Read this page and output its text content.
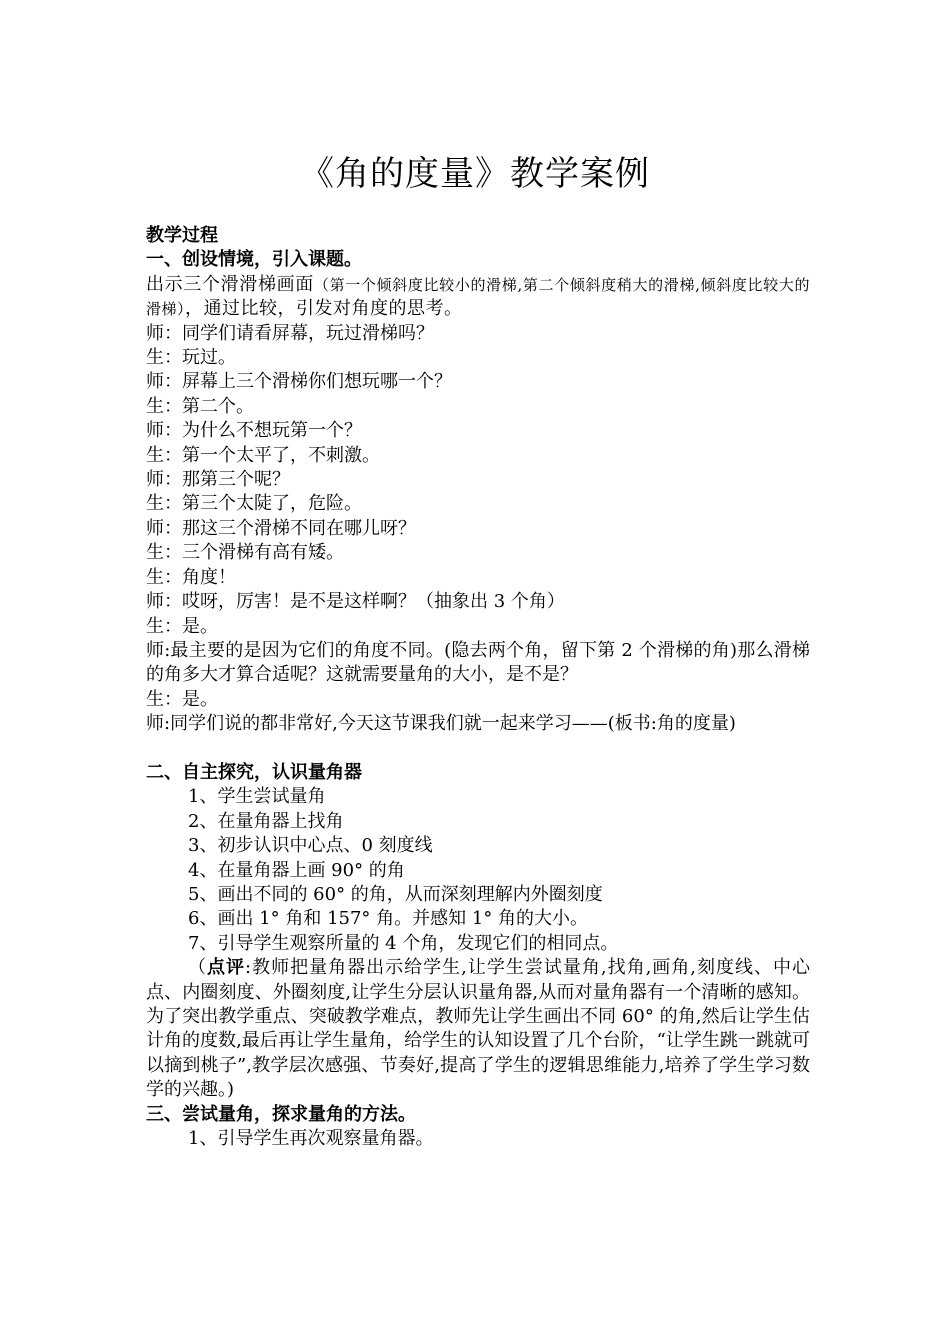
《角的度量》教学案例
教学过程
一、创设情境，引入课题。
出示三个滑滑梯画面（第一个倾斜度比较小的滑梯,第二个倾斜度稍大的滑梯,倾斜度比较大的滑梯），通过比较，引发对角度的思考。
师：同学们请看屏幕，玩过滑梯吗？
生：玩过。
师：屏幕上三个滑梯你们想玩哪一个？
生：第二个。
师：为什么不想玩第一个？
生：第一个太平了，不刺激。
师：那第三个呢？
生：第三个太陡了，危险。
师：那这三个滑梯不同在哪儿呀？
生：三个滑梯有高有矮。
生：角度！
师：哎呀，厉害！是不是这样啊？（抽象出 3 个角）
生：是。
师:最主要的是因为它们的角度不同。(隐去两个角，留下第 2 个滑梯的角)那么滑梯的角多大才算合适呢？这就需要量角的大小，是不是？
生：是。
师:同学们说的都非常好,今天这节课我们就一起来学习——(板书:角的度量)
二、自主探究，认识量角器
1、学生尝试量角
2、在量角器上找角
3、初步认识中心点、0 刻度线
4、在量角器上画 90° 的角
5、画出不同的 60° 的角，从而深刻理解内外圈刻度
6、画出 1° 角和 157° 角。并感知 1° 角的大小。
7、引导学生观察所量的 4 个角，发现它们的相同点。
（点评:教师把量角器出示给学生,让学生尝试量角,找角,画角,刻度线、中心点、内圈刻度、外圈刻度,让学生分层认识量角器,从而对量角器有一个清晰的感知。为了突出教学重点、突破教学难点，教师先让学生画出不同 60° 的角,然后让学生估计角的度数,最后再让学生量角，给学生的认知设置了几个台阶，“让学生跳一跳就可以摘到桃子”,教学层次感强、节奏好,提高了学生的逻辑思维能力,培养了学生学习数学的兴趣。)
三、尝试量角，探求量角的方法。
1、引导学生再次观察量角器。
